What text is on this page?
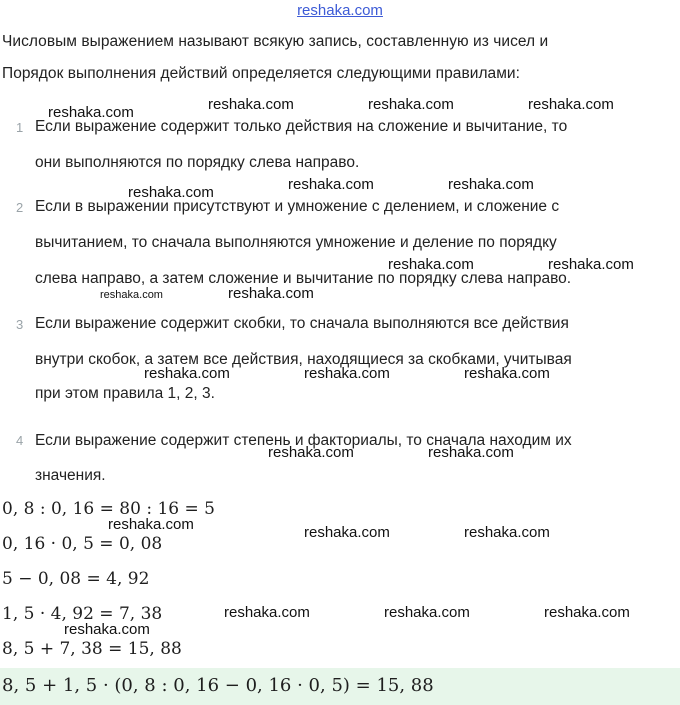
reshaka.com
Числовым выражением называют всякую запись, составленную из чисел и
Порядок выполнения действий определяется следующими правилами:
1 Если выражение содержит только действия на сложение и вычитание, то
они выполняются по порядку слева направо.
2 Если в выражении присутствуют и умножение с делением, и сложение с
вычитанием, то сначала выполняются умножение и деление по порядку
слева направо, а затем сложение и вычитание по порядку слева направо.
3 Если выражение содержит скобки, то сначала выполняются все действия
внутри скобок, а затем все действия, находящиеся за скобками, учитывая
при этом правила 1, 2, 3.
4 Если выражение содержит степень и факториалы, то сначала находим их
значения.
0, 8 : 0, 16 = 80 : 16 = 5
0, 16 · 0, 5 = 0, 08
5 − 0, 08 = 4, 92
1, 5 · 4, 92 = 7, 38
8, 5 + 7, 38 = 15, 88
8, 5 + 1, 5 · (0, 8 : 0, 16 − 0, 16 · 0, 5) = 15, 88
reshaka.com	reshaka.com	reshaka.com	reshaka.com
reshaka.com	reshaka.com	reshaka.com
reshaka.com	reshaka.com
reshaka.com	reshaka.com
reshaka.com	reshaka.com	reshaka.com
reshaka.com	reshaka.com
reshaka.com	reshaka.com	reshaka.com
reshaka.com	reshaka.com	reshaka.com
reshaka.com
